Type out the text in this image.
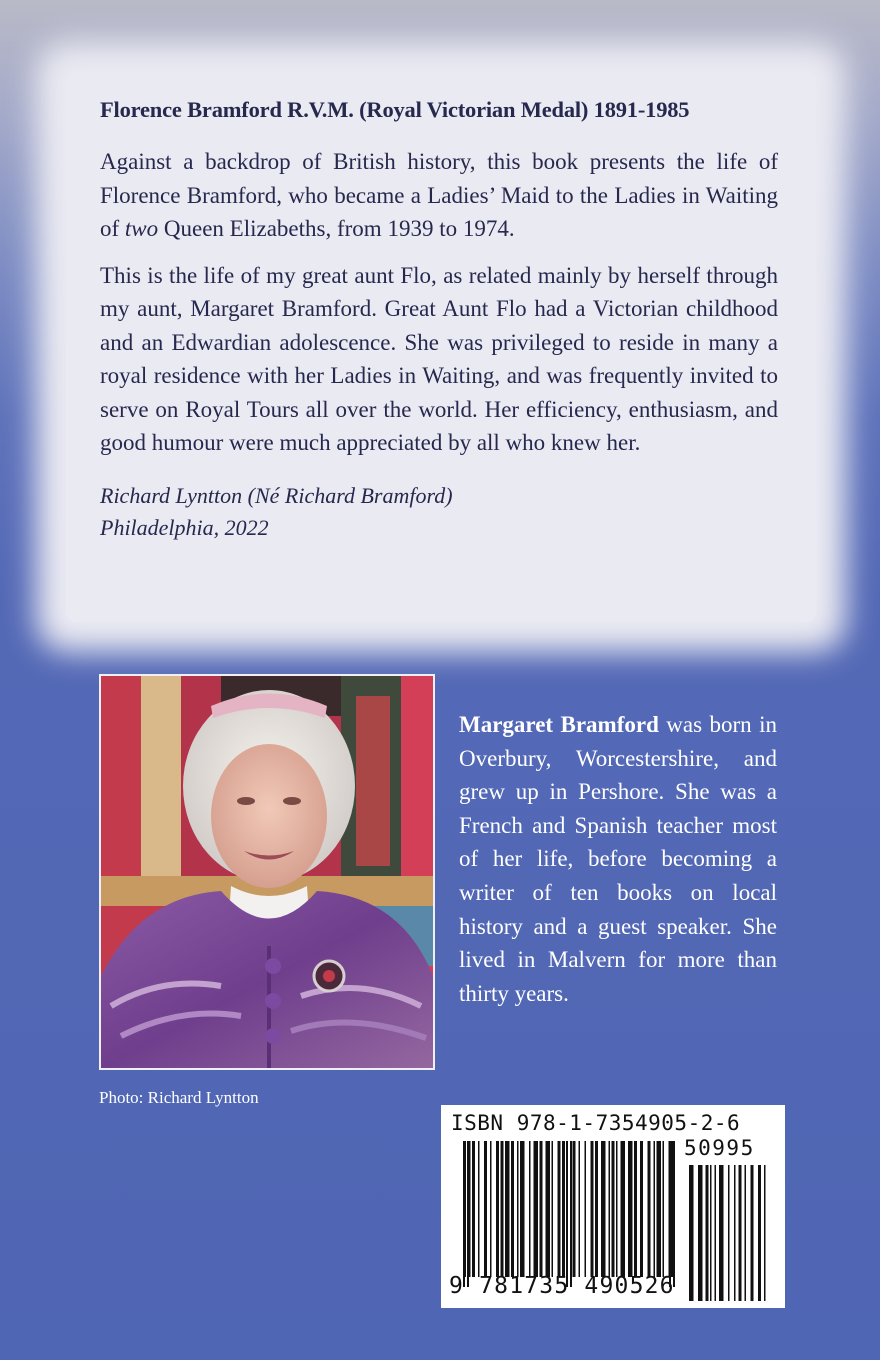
Florence Bramford R.V.M. (Royal Victorian Medal) 1891-1985

Against a backdrop of British history, this book presents the life of Florence Bramford, who became a Ladies’ Maid to the Ladies in Waiting of two Queen Elizabeths, from 1939 to 1974.

This is the life of my great aunt Flo, as related mainly by herself through my aunt, Margaret Bramford. Great Aunt Flo had a Victorian childhood and an Edwardian adolescence. She was privileged to reside in many a royal residence with her Ladies in Waiting, and was frequently invited to serve on Royal Tours all over the world. Her efficiency, enthusiasm, and good humour were much appreciated by all who knew her.

Richard Lyntton (Né Richard Bramford)
Philadelphia, 2022
Margaret Bramford was born in Overbury, Worcestershire, and grew up in Pershore. She was a French and Spanish teacher most of her life, before becoming a writer of ten books on local history and a guest speaker. She lived in Malvern for more than thirty years.
Photo: Richard Lyntton
ISBN 978-1-7354905-2-6
50995
9 781735 490526
